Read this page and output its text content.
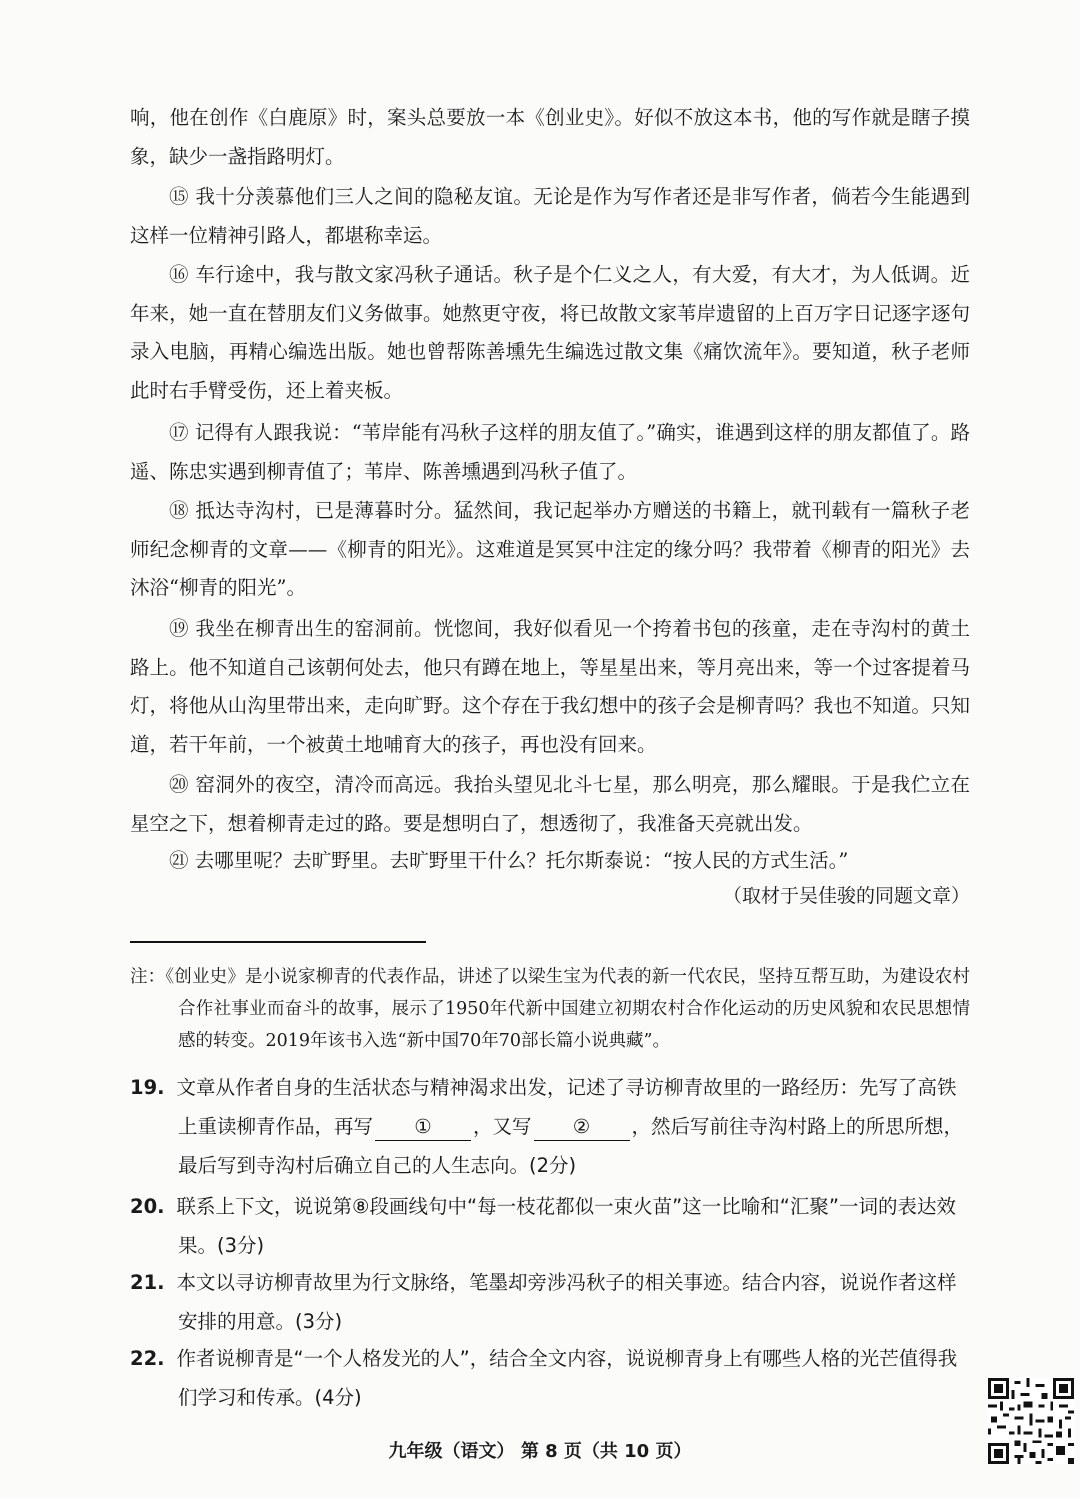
响，他在创作《白鹿原》时，案头总要放一本《创业史》。好似不放这本书，他的写作就是瞎子摸象，缺少一盏指路明灯。

⑮ 我十分羡慕他们三人之间的隐秘友谊。无论是作为写作者还是非写作者，倘若今生能遇到这样一位精神引路人，都堪称幸运。

⑯ 车行途中，我与散文家冯秋子通话。秋子是个仁义之人，有大爱，有大才，为人低调。近年来，她一直在替朋友们义务做事。她熬更守夜，将已故散文家苇岸遗留的上百万字日记逐字逐句录入电脑，再精心编选出版。她也曾帮陈善壎先生编选过散文集《痛饮流年》。要知道，秋子老师此时右手臂受伤，还上着夹板。

⑰ 记得有人跟我说：“苇岸能有冯秋子这样的朋友值了。”确实，谁遇到这样的朋友都值了。路遥、陈忠实遇到柳青值了；苇岸、陈善壎遇到冯秋子值了。

⑱ 抵达寺沟村，已是薄暮时分。猛然间，我记起举办方赠送的书籍上，就刊载有一篇秋子老师纪念柳青的文章——《柳青的阳光》。这难道是冥冥中注定的缘分吗？我带着《柳青的阳光》去沐浴“柳青的阳光”。

⑲ 我坐在柳青出生的窑洞前。恍惚间，我好似看见一个挎着书包的孩童，走在寺沟村的黄土路上。他不知道自己该朝何处去，他只有蹲在地上，等星星出来，等月亮出来，等一个过客提着马灯，将他从山沟里带出来，走向旷野。这个存在于我幻想中的孩子会是柳青吗？我也不知道。只知道，若干年前，一个被黄土地哺育大的孩子，再也没有回来。

⑳ 窑洞外的夜空，清冷而高远。我抬头望见北斗七星，那么明亮，那么耀眼。于是我伫立在星空之下，想着柳青走过的路。要是想明白了，想透彻了，我准备天亮就出发。

㉑ 去哪里呢？去旷野里。去旷野里干什么？托尔斯泰说：“按人民的方式生活。”

（取材于吴佳骏的同题文章）
注：《创业史》是小说家柳青的代表作品，讲述了以梁生宝为代表的新一代农民，坚持互帮互助，为建设农村合作社事业而奋斗的故事，展示了1950年代新中国建立初期农村合作化运动的历史风貌和农民思想情感的转变。2019年该书入选“新中国70年70部长篇小说典藏”。
19. 文章从作者自身的生活状态与精神渴求出发，记述了寻访柳青故里的一路经历：先写了高铁上重读柳青作品，再写 ① ，又写 ② ，然后写前往寺沟村路上的所思所想，最后写到寺沟村后确立自己的人生志向。(2分)
20. 联系上下文，说说第⑧段画线句中“每一枝花都似一束火苗”这一比喻和“汇聚”一词的表达效果。(3分)
21. 本文以寻访柳青故里为行文脉络，笔墨却旁涉冯秋子的相关事迹。结合内容，说说作者这样安排的用意。(3分)
22. 作者说柳青是“一个人格发光的人”，结合全文内容，说说柳青身上有哪些人格的光芒值得我们学习和传承。(4分)
九年级（语文） 第 8 页（共 10 页）
